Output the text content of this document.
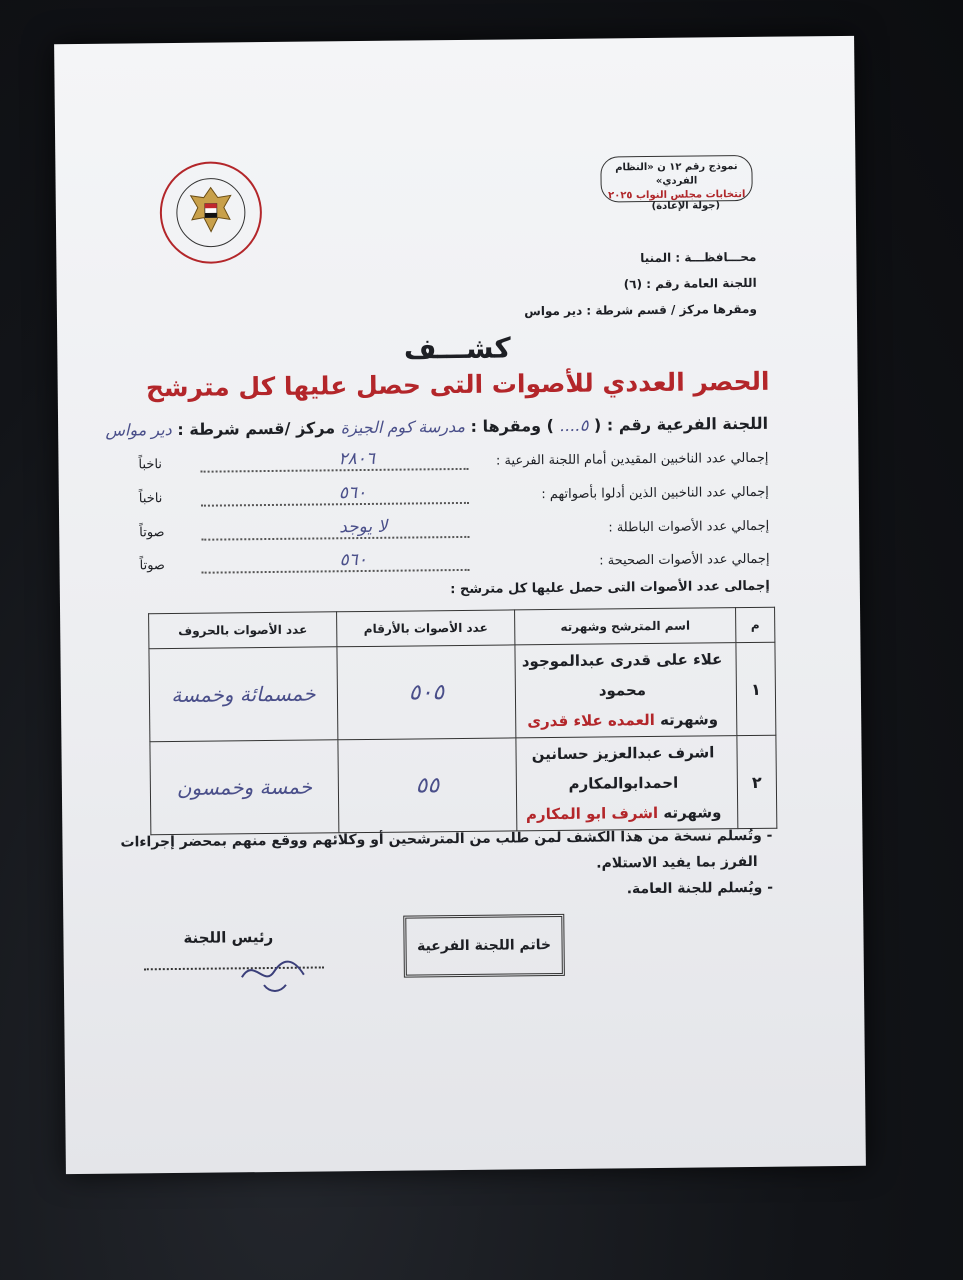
نموذج رقم ١٢ ن «النظام الفردي»
انتخابات مجلس النواب ٢٠٢٥
(جولة الإعادة)
محـــافظـــة : المنيا
اللجنة العامة رقم : (٦)
ومقرها مركز / قسم شرطة : دير مواس
كشـــف
الحصر العددي للأصوات التى حصل عليها كل مترشح
اللجنة الفرعية رقم : ( ٥.... ) ومقرها : مدرسة كوم الجيزة مركز /قسم شرطة : دير مواس
إجمالي عدد الناخبين المقيدين أمام اللجنة الفرعية :
٢٨٠٦
ناخباً
إجمالي عدد الناخبين الذين أدلوا بأصواتهم :
٥٦٠
ناخباً
إجمالي عدد الأصوات الباطلة :
لا يوجد
صوتاً
إجمالي عدد الأصوات الصحيحة :
٥٦٠
صوتاً
إجمالى عدد الأصوات التى حصل عليها كل مترشح :
م	اسم المترشح وشهرته	عدد الأصوات بالأرقام	عدد الأصوات بالحروف
١	علاء على قدرى عبدالموجود محمود
وشهرته العمده علاء قدرى	٥٠٥	خمسمائة وخمسة
٢	اشرف عبدالعزيز حسانين احمدابوالمكارم
وشهرته اشرف ابو المكارم	٥٥	خمسة وخمسون
- وتُسلم نسخة من هذا الكشف لمن طلب من المترشحين أو وكلائهم ووقع منهم بمحضر إجراءات
الفرز بما يفيد الاستلام.
- ويُسلم للجنة العامة.
خاتم اللجنة الفرعية
رئيس اللجنة
